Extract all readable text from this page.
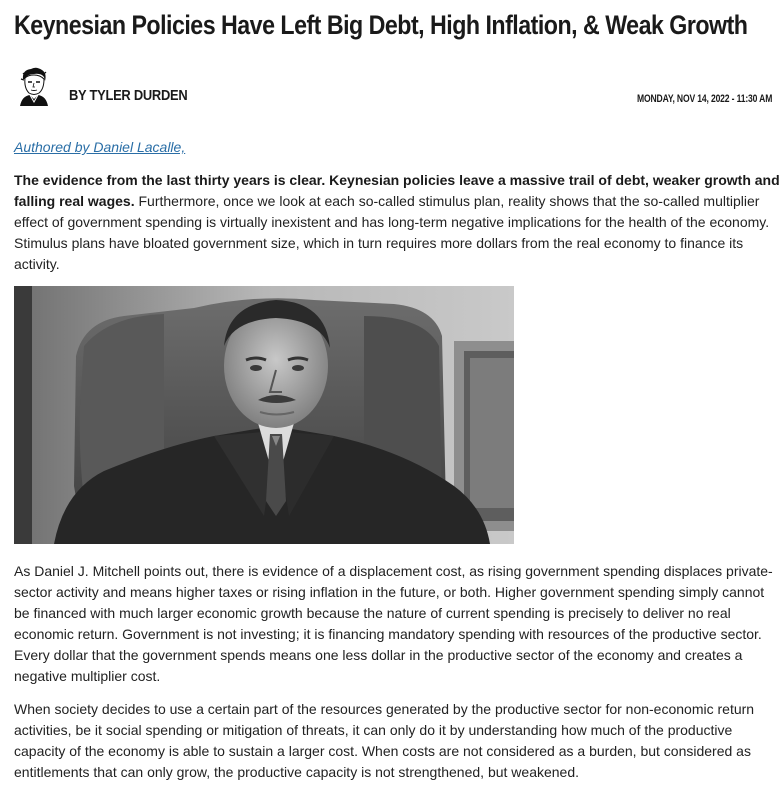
Keynesian Policies Have Left Big Debt, High Inflation, & Weak Growth
BY TYLER DURDEN	MONDAY, NOV 14, 2022 - 11:30 AM
Authored by Daniel Lacalle,

The evidence from the last thirty years is clear. Keynesian policies leave a massive trail of debt, weaker growth and falling real wages. Furthermore, once we look at each so-called stimulus plan, reality shows that the so-called multiplier effect of government spending is virtually inexistent and has long-term negative implications for the health of the economy. Stimulus plans have bloated government size, which in turn requires more dollars from the real economy to finance its activity.

As Daniel J. Mitchell points out, there is evidence of a displacement cost, as rising government spending displaces private-sector activity and means higher taxes or rising inflation in the future, or both. Higher government spending simply cannot be financed with much larger economic growth because the nature of current spending is precisely to deliver no real economic return. Government is not investing; it is financing mandatory spending with resources of the productive sector. Every dollar that the government spends means one less dollar in the productive sector of the economy and creates a negative multiplier cost.

When society decides to use a certain part of the resources generated by the productive sector for non-economic return activities, be it social spending or mitigation of threats, it can only do it by understanding how much of the productive capacity of the economy is able to sustain a larger cost. When costs are not considered as a burden, but considered as entitlements that can only grow, the productive capacity is not strengthened, but weakened.
